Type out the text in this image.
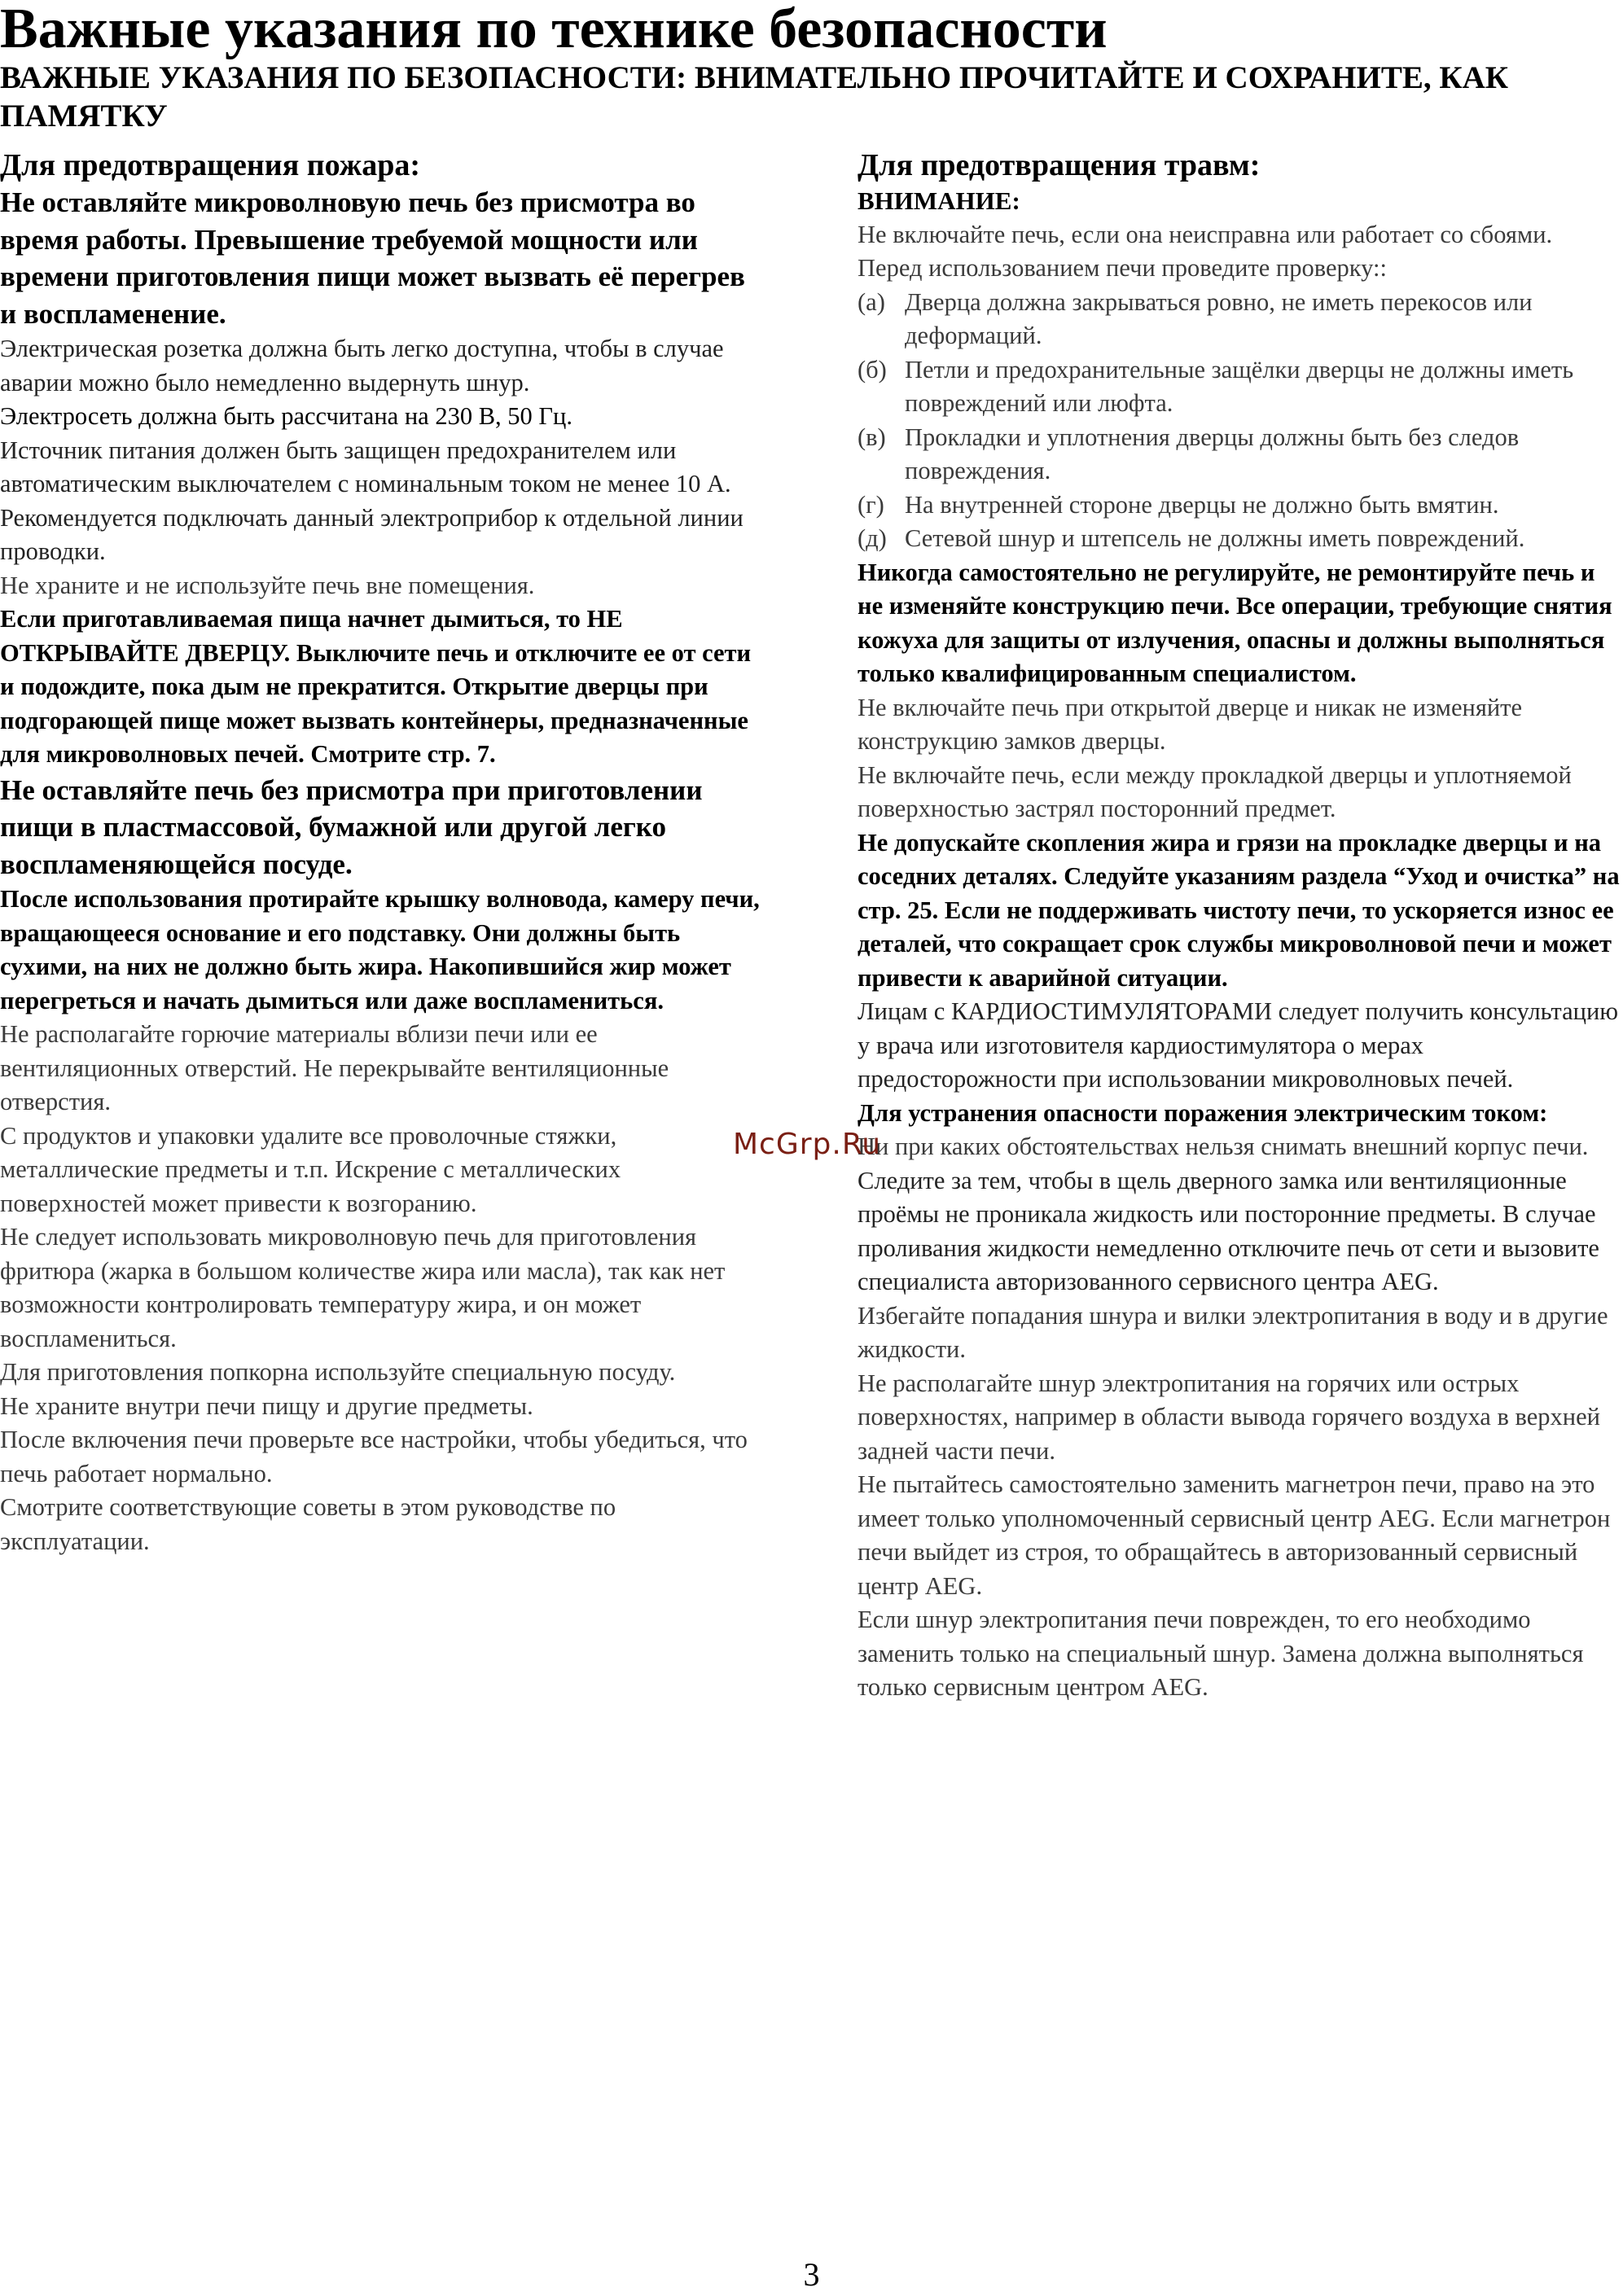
Важные указания по технике безопасности

ВАЖНЫЕ УКАЗАНИЯ ПО БЕЗОПАСНОСТИ: ВНИМАТЕЛЬНО ПРОЧИТАЙТЕ И СОХРАНИТЕ, КАК ПАМЯТКУ

Для предотвращения пожара:

Не оставляйте микроволновую печь без присмотра во время работы. Превышение требуемой мощности или времени приготовления пищи может вызвать её перегрев и воспламенение.

Электрическая розетка должна быть легко доступна, чтобы в случае аварии можно было немедленно выдернуть шнур.

Электросеть должна быть рассчитана на 230 В, 50 Гц.

Источник питания должен быть защищен предохранителем или автоматическим выключателем с номинальным током не менее 10 А. Рекомендуется подключать данный электроприбор к отдельной линии проводки.

Не храните и не используйте печь вне помещения.

Если приготавливаемая пища начнет дымиться, то НЕ ОТКРЫВАЙТЕ ДВЕРЦУ. Выключите печь и отключите ее от сети и подождите, пока дым не прекратится. Открытие дверцы при подгорающей пище может вызвать контейнеры, предназначенные для микроволновых печей. Смотрите стр. 7.

Не оставляйте печь без присмотра при приготовлении пищи в пластмассовой, бумажной или другой легко воспламеняющейся посуде.

После использования протирайте крышку волновода, камеру печи, вращающееся основание и его подставку. Они должны быть сухими, на них не должно быть жира. Накопившийся жир может перегреться и начать дымиться или даже воспламениться.

Не располагайте горючие материалы вблизи печи или ее вентиляционных отверстий. Не перекрывайте вентиляционные отверстия.

С продуктов и упаковки удалите все проволочные стяжки, металлические предметы и т.п. Искрение с металлических поверхностей может привести к возгоранию.

Не следует использовать микроволновую печь для приготовления фритюра (жарка в большом количестве жира или масла), так как нет возможности контролировать температуру жира, и он может воспламениться.

Для приготовления попкорна используйте специальную посуду.

Не храните внутри печи пищу и другие предметы.

После включения печи проверьте все настройки, чтобы убедиться, что печь работает нормально.

Смотрите соответствующие советы в этом руководстве по эксплуатации.

Для предотвращения травм:

ВНИМАНИЕ:

Не включайте печь, если она неисправна или работает со сбоями. Перед использованием печи проведите проверку::

(а) Дверца должна закрываться ровно, не иметь перекосов или деформаций.
(б) Петли и предохранительные защёлки дверцы не должны иметь повреждений или люфта.
(в) Прокладки и уплотнения дверцы должны быть без следов повреждения.
(г) На внутренней стороне дверцы не должно быть вмятин.
(д) Сетевой шнур и штепсель не должны иметь повреждений.

Никогда самостоятельно не регулируйте, не ремонтируйте печь и не изменяйте конструкцию печи. Все операции, требующие снятия кожуха для защиты от излучения, опасны и должны выполняться только квалифицированным специалистом.

Не включайте печь при открытой дверце и никак не изменяйте конструкцию замков дверцы.

Не включайте печь, если между прокладкой дверцы и уплотняемой поверхностью застрял посторонний предмет.

Не допускайте скопления жира и грязи на прокладке дверцы и на соседних деталях. Следуйте указаниям раздела “Уход и очистка” на стр. 25. Если не поддерживать чистоту печи, то ускоряется износ ее деталей, что сокращает срок службы микроволновой печи и может привести к аварийной ситуации.

Лицам с КАРДИОСТИМУЛЯТОРАМИ следует получить консультацию у врача или изготовителя кардиостимулятора о мерах предосторожности при использовании микроволновых печей.

Для устранения опасности поражения электрическим током:

Ни при каких обстоятельствах нельзя снимать внешний корпус печи.

Следите за тем, чтобы в щель дверного замка или вентиляционные проёмы не проникала жидкость или посторонние предметы. В случае проливания жидкости немедленно отключите печь от сети и вызовите специалиста авторизованного сервисного центра AEG.

Избегайте попадания шнура и вилки электропитания в воду и в другие жидкости.

Не располагайте шнур электропитания на горячих или острых поверхностях, например в области вывода горячего воздуха в верхней задней части печи.

Не пытайтесь самостоятельно заменить магнетрон печи, право на это имеет только уполномоченный сервисный центр AEG. Если магнетрон печи выйдет из строя, то обращайтесь в авторизованный сервисный центр AEG.

Если шнур электропитания печи поврежден, то его необходимо заменить только на специальный шнур. Замена должна выполняться только сервисным центром AEG.

McGrp.Ru

3
